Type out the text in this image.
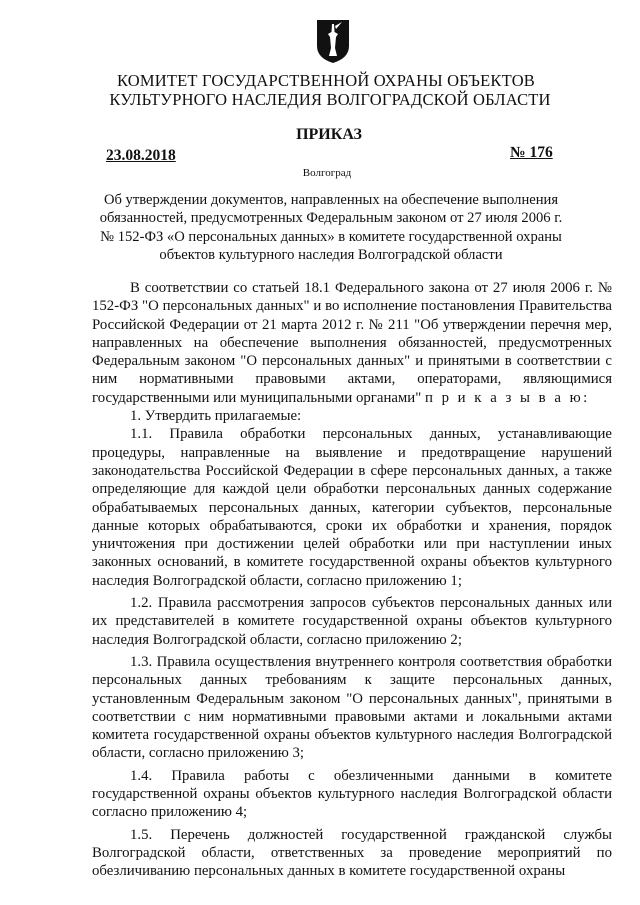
КОМИТЕТ ГОСУДАРСТВЕННОЙ ОХРАНЫ ОБЪЕКТОВ
КУЛЬТУРНОГО НАСЛЕДИЯ ВОЛГОГРАДСКОЙ ОБЛАСТИ
ПРИКАЗ
23.08.2018	№ 176
Волгоград
Об утверждении документов, направленных на обеспечение выполнения
обязанностей, предусмотренных Федеральным законом от 27 июля 2006 г.
№ 152-ФЗ «О персональных данных» в комитете государственной охраны
объектов культурного наследия Волгоградской области

В соответствии со статьей 18.1 Федерального закона от 27 июля 2006 г. № 152-ФЗ "О персональных данных" и во исполнение постановления Правительства Российской Федерации от 21 марта 2012 г. № 211 "Об утверждении перечня мер, направленных на обеспечение выполнения обязанностей, предусмотренных Федеральным законом "О персональных данных" и принятыми в соответствии с ним нормативными правовыми актами, операторами, являющимися государственными или муниципальными органами" п р и к а з ы в а ю:

1. Утвердить прилагаемые:

1.1. Правила обработки персональных данных, устанавливающие процедуры, направленные на выявление и предотвращение нарушений законодательства Российской Федерации в сфере персональных данных, а также определяющие для каждой цели обработки персональных данных содержание обрабатываемых персональных данных, категории субъектов, персональные данные которых обрабатываются, сроки их обработки и хранения, порядок уничтожения при достижении целей обработки или при наступлении иных законных оснований, в комитете государственной охраны объектов культурного наследия Волгоградской области, согласно приложению 1;

1.2. Правила рассмотрения запросов субъектов персональных данных или их представителей в комитете государственной охраны объектов культурного наследия Волгоградской области, согласно приложению 2;

1.3. Правила осуществления внутреннего контроля соответствия обработки персональных данных требованиям к защите персональных данных, установленным Федеральным законом "О персональных данных", принятыми в соответствии с ним нормативными правовыми актами и локальными актами комитета государственной охраны объектов культурного наследия Волгоградской области, согласно приложению 3;

1.4. Правила работы с обезличенными данными в комитете государственной охраны объектов культурного наследия Волгоградской области согласно приложению 4;

1.5. Перечень должностей государственной гражданской службы Волгоградской области, ответственных за проведение мероприятий по обезличиванию персональных данных в комитете государственной охраны
